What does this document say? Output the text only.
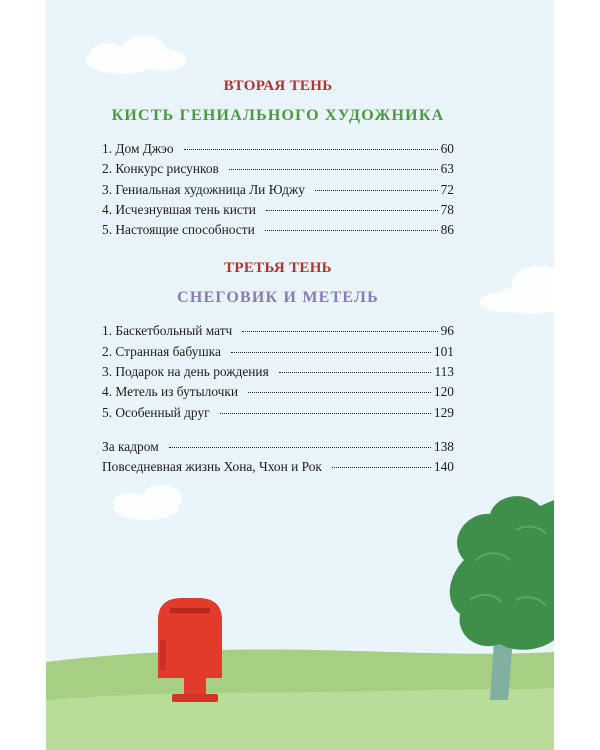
ВТОРАЯ ТЕНЬ
КИСТЬ ГЕНИАЛЬНОГО ХУДОЖНИКА
1. Дом Джэо	60
2. Конкурс рисунков	63
3. Гениальная художница Ли Юджу	72
4. Исчезнувшая тень кисти	78
5. Настоящие способности	86
ТРЕТЬЯ ТЕНЬ
СНЕГОВИК И МЕТЕЛЬ
1. Баскетбольный матч	96
2. Странная бабушка	101
3. Подарок на день рождения	113
4. Метель из бутылочки	120
5. Особенный друг	129
За кадром	138
Повседневная жизнь Хона, Чхон и Рок	140
